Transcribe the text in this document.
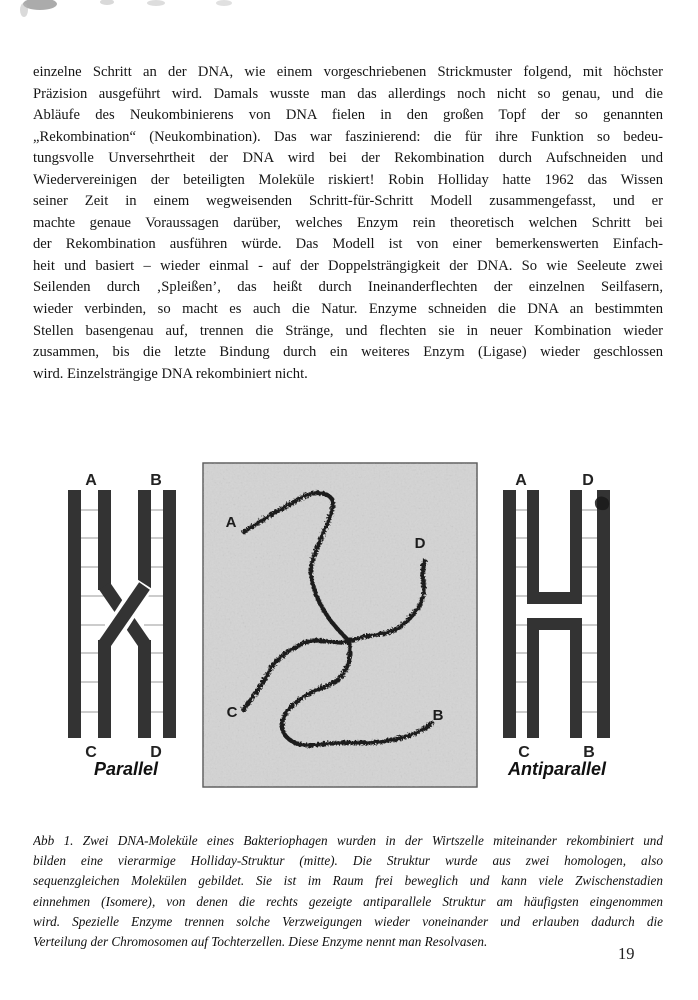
A	B
C	D
Parallel
A
D
C	B
A	D
C	B
Antiparallel
einzelne Schritt an der DNA, wie einem vorgeschriebenen Strickmuster folgend, mit höchster
Präzision ausgeführt wird. Damals wusste man das allerdings noch nicht so genau, und die
Abläufe des Neukombinierens von DNA fielen in den großen Topf der so genannten
„Rekombination“ (Neukombination). Das war faszinierend: die für ihre Funktion so bedeu-
tungsvolle Unversehrtheit der DNA wird bei der Rekombination durch Aufschneiden und
Wiedervereinigen der beteiligten Moleküle riskiert! Robin Holliday hatte 1962 das Wissen
seiner Zeit in einem wegweisenden Schritt-für-Schritt Modell zusammengefasst, und er
machte genaue Voraussagen darüber, welches Enzym rein theoretisch welchen Schritt bei
der Rekombination ausführen würde. Das Modell ist von einer bemerkenswerten Einfach-
heit und basiert – wieder einmal - auf der Doppelsträngigkeit der DNA. So wie Seeleute zwei
Seilenden durch ‚Spleißen’, das heißt durch Ineinanderflechten der einzelnen Seilfasern,
wieder verbinden, so macht es auch die Natur. Enzyme schneiden die DNA an bestimmten
Stellen basengenau auf, trennen die Stränge, und flechten sie in neuer Kombination wieder
zusammen, bis die letzte Bindung durch ein weiteres Enzym (Ligase) wieder geschlossen
wird. Einzelsträngige DNA rekombiniert nicht.
Abb 1. Zwei DNA-Moleküle eines Bakteriophagen wurden in der Wirtszelle miteinander rekombiniert und
bilden eine vierarmige Holliday-Struktur (mitte). Die Struktur wurde aus zwei homologen, also
sequenzgleichen Molekülen gebildet. Sie ist im Raum frei beweglich und kann viele Zwischenstadien
einnehmen (Isomere), von denen die rechts gezeigte antiparallele Struktur am häufigsten eingenommen
wird. Spezielle Enzyme trennen solche Verzweigungen wieder voneinander und erlauben dadurch die
Verteilung der Chromosomen auf Tochterzellen. Diese Enzyme nennt man Resolvasen.
19
